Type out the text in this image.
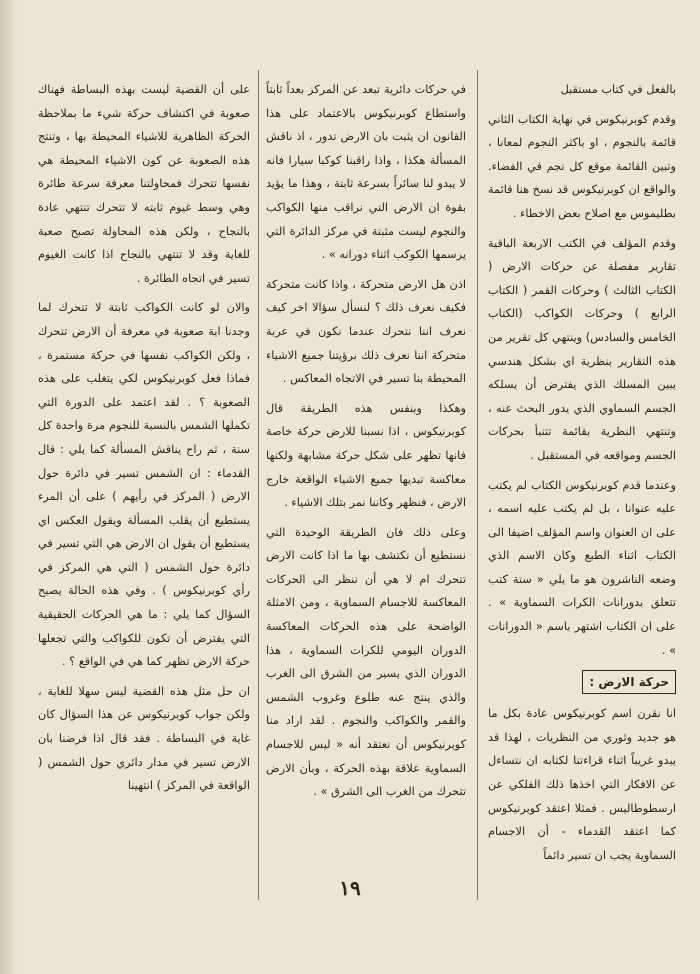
بالفعل في كتاب مستقبل

وقدم كوبرنيكوس في نهاية الكتاب الثاني قائمة بالنجوم ، او باكثر النجوم لمعانا ، وتبين القائمة موقع كل نجم في الفضاء. والواقع ان كوبرنيكوس قد نسخ هنا قائمة بطليموس مع اصلاح بعض الاخطاء .

وقدم المؤلف في الكتب الاربعة الباقية تقارير مفصلة عن حركات الارض ( الكتاب الثالث ) وحركات القمر ( الكتاب الرابع ) وحركات الكواكب (الكتاب الخامس والسادس) وينتهي كل تقرير من هذه التقارير بنظرية اي بشكل هندسي يبين المسلك الذي يفترض أن يسلكه الجسم السماوي الذي يدور البحث عنه ، وتنتهي النظرية بقائمة تتنبأ بحركات الجسم ومواقعه في المستقبل .

وعندما قدم كوبرنيكوس الكتاب لم يكتب عليه عنوانا ، بل لم يكتب عليه اسمه ، على ان العنوان واسم المؤلف اضيفا الى الكتاب اثناء الطبع وكان الاسم الذي وضعه الناشرون هو ما يلي « ستة كتب تتعلق بدورانات الكرات السماوية » . على ان الكتاب اشتهر باسم « الدورانات » .

حركة الارض :

انا نقرن اسم كوبرنيكوس عادة بكل ما هو جديد وثوري من النظريات ، لهذا قد يبدو غريباً اثناء قراءتنا لكتابه ان نتساءل عن الافكار التي اخذها ذلك الفلكي عن ارسطوطاليس . فمثلا اعتقد كوبرنيكوس كما اعتقد القدماء - أن الاجسام السماوية يجب ان تسير دائماً

في حركات دائرية تبعد عن المركز بعداً ثابتاً واستطاع كوبرنيكوس بالاعتماد على هذا القانون ان يثبت بان الارض تدور ، اذ ناقش المسألة هكذا ، واذا راقبنا كوكبا سيارا فانه لا يبدو لنا سائراً بسرعة ثابتة ، وهذا ما يؤيد بقوة ان الارض التي نراقب منها الكواكب والنجوم ليست مثبتة في مركز الدائرة التي يرسمها الكوكب اثناء دورانه » .

اذن هل الارض متحركة ، واذا كانت متحركة فكيف نعرف ذلك ؟ لنسأل سؤالا اخر كيف نعرف اننا نتحرك عندما نكون في عربة متحركة اننا نعرف ذلك برؤيتنا جميع الاشياء المحيطة بنا تسير في الاتجاه المعاكس .

وهكذا وبنفس هذه الطريقة قال كوبرنيكوس ، اذا نسبنا للارض حركة خاصة فانها تظهر على شكل حركة مشابهة ولكنها معاكسة تبديها جميع الاشياء الواقعة خارج الارض ، فنظهر وكاننا نمر بتلك الاشياء .

وعلى ذلك فان الطريقة الوحيدة التي نستطيع أن نكتشف بها ما اذا كانت الارض تتحرك ام لا هي أن ننظر الى الحركات المعاكسة للاجسام السماوية ، ومن الامثلة الواضحة على هذه الحركات المعاكسة الدوران اليومي للكرات السماوية ، هذا الدوران الذي يسير من الشرق الى الغرب والذي ينتج عنه طلوع وغروب الشمس والقمر والكواكب والنجوم . لقد اراد منا كوبرنيكوس أن نعتقد أنه « ليس للاجسام السماوية علاقة بهذه الحركة ، وبأن الارض تتحرك من الغرب الى الشرق » .

على أن القضية ليست بهذه البساطة فهناك صعوبة في اكتشاف حركة شيء ما بملاحظة الحركة الظاهرية للاشياء المحيطة بها ، وتنتج هذه الصعوبة عن كون الاشياء المحيطة هي نفسها تتحرك فمحاولتنا معرفة سرعة طائرة وهي وسط غيوم ثابته لا تتحرك تنتهي عادة بالنجاح ، ولكن هذه المحاولة تصبح صعبة للغاية وقد لا تنتهي بالنجاح اذا كانت الغيوم تسير في اتجاه الطائرة .

والان لو كانت الكواكب ثابتة لا تتحرك لما وجدنا اية صعوبة في معرفة أن الارض تتحرك ، ولكن الكواكب نفسها في حركة مستمرة ، فماذا فعل كوبرنيكوس لكي يتغلب على هذه الصعوبة ؟ . لقد اعتمد على الدورة التي تكملها الشمس بالنسبة للنجوم مرة واحدة كل سنة ، ثم راح يناقش المسألة كما يلي : قال القدماء : ان الشمس تسير في دائرة حول الارض ( المركز في رأيهم ) على أن المرء يستطيع أن يقلب المسألة ويقول العكس اي يستطيع أن يقول ان الارض هي التي تسير في دائرة حول الشمس ( التي هي المركز في رأي كوبرنيكوس ) . وفي هذه الحالة يصبح السؤال كما يلي : ما هي الحركات الحقيقية التي يفترض أن تكون للكواكب والتي تجعلها حركة الارض تظهر كما هي في الواقع ؟ .

ان حل مثل هذه القضية ليس سهلا للغاية ، ولكن جواب كوبرنيكوس عن هذا السؤال كان غاية في البساطة . فقد قال اذا فرضنا بان الارض تسير في مدار دائري حول الشمس ( الواقعة في المركز ) انتهينا

١٩
